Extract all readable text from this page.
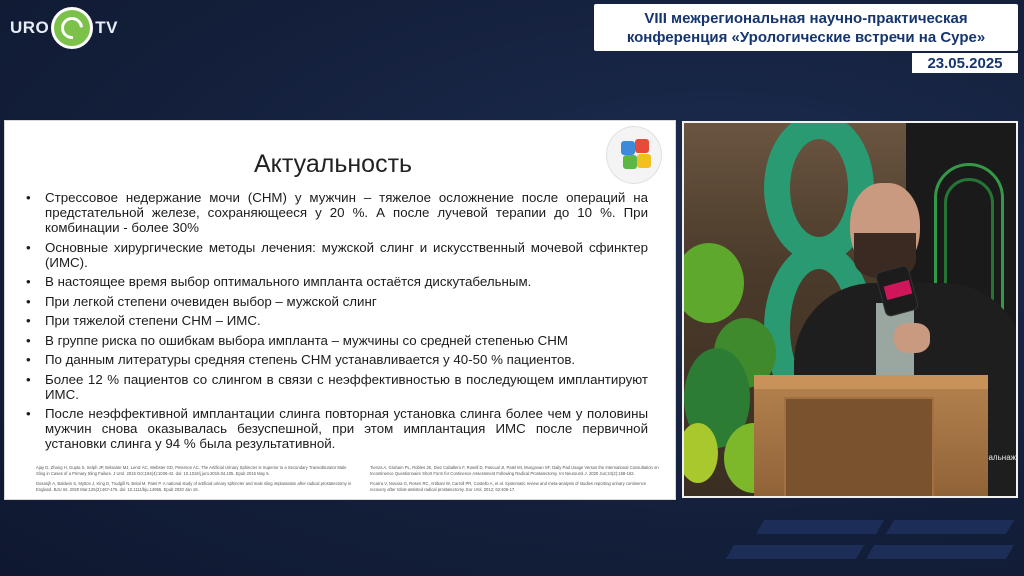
URO	TV	VIII межрегиональная научно-практическая
конференция «Урологические встречи на Суре»
23.05.2025
Актуальность
• Стрессовое недержание мочи (СНМ) у мужчин – тяжелое осложнение после операций на предстательной железе, сохраняющееся у 20 %. А после лучевой терапии до 10 %. При комбинации - более 30%
• Основные хирургические методы лечения: мужской слинг и искусственный мочевой сфинктер (ИМС).
• В настоящее время выбор оптимального импланта остаётся дискутабельным.
• При легкой степени очевиден выбор – мужской слинг
• При тяжелой степени СНМ – ИМС.
• В группе риска по ошибкам выбора импланта – мужчины со средней степенью СНМ
• По данным литературы средняя степень СНМ устанавливается у 40-50 % пациентов.
• Более 12 % пациентов со слингом в связи с неэффективностью в последующем имплантируют ИМС.
• После неэффективной имплантации слинга повторная установка слинга более чем у половины мужчин снова оказывалась безуспешной, при этом имплантация ИМС после первичной установки слинга у 94 % была результативной.

Ajay D, Zhang H, Gupta S, Selph JP, Belsante MJ, Lentz AC, Webster GD, Peterson AC. The Artificial Urinary Sphincter is Superior to a Secondary Transobturator Male Sling in Cases of a Primary Sling Failure. J Urol. 2015 Oct;194(4):1038-42. doi: 10.1016/j.juro.2015.04.105. Epub 2015 May 5.

Dosanjh A, Baldwin S, Mytton J, King D, Trudgill N, Belal M, Patel P. A national study of artificial urinary sphincter and male sling implantation after radical prostatectomy in England. BJU Int. 2020 Mar;125(3):467-475. doi: 10.1111/bju.14955. Epub 2020 Jan 16.

Tienza A, Graham PL, Robles JE, Diez Caballero F, Rosell D, Pascual JI, Patel MI, Mungovan SF. Daily Pad Usage Versus the International Consultation on Incontinence Questionnaire Short Form for Continence Assessment Following Radical Prostatectomy. Int Neurourol J. 2020 Jun;24(2):158-162.

Ficarra V, Novara G, Rosen RC, Artibani W, Carroll PR, Costello A, et al. Systematic review and meta-analysis of studies reporting urinary continence recovery after robot-assisted radical prostatectomy. Eur Urol. 2012; 62:405-17.

альнаж
